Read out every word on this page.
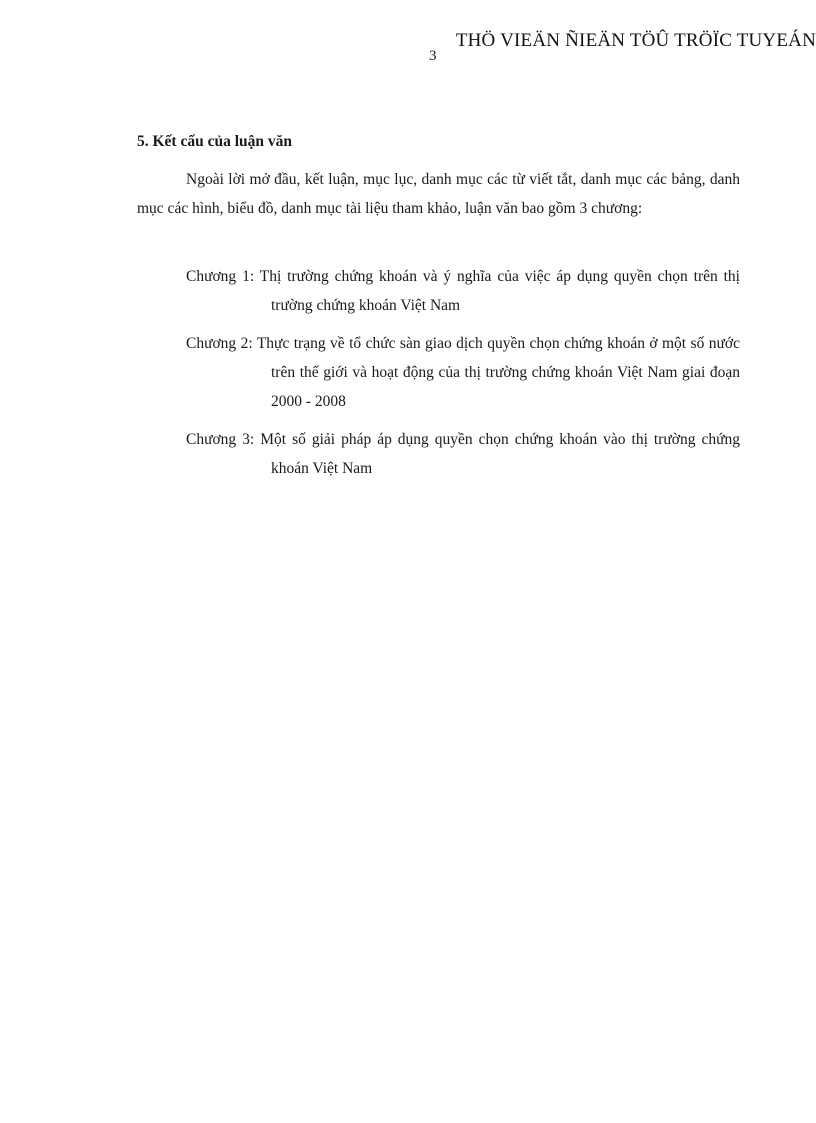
THÖ VIEÄN ÑIEÄN TÖÛ TRÖÏC TUYEÁN
3
5. Kết cấu của luận văn

Ngoài lời mở đầu, kết luận, mục lục, danh mục các từ viết tắt, danh mục các bảng, danh mục các hình, biểu đồ, danh mục tài liệu tham khảo, luận văn bao gồm 3 chương:

Chương 1: Thị trường chứng khoán và ý nghĩa của việc áp dụng quyền chọn trên thị trường chứng khoán Việt Nam
Chương 2: Thực trạng về tổ chức sàn giao dịch quyền chọn chứng khoán ở một số nước trên thế giới và hoạt động của thị trường chứng khoán Việt Nam giai đoạn 2000 - 2008
Chương 3: Một số giải pháp áp dụng quyền chọn chứng khoán vào thị trường chứng khoán Việt Nam
